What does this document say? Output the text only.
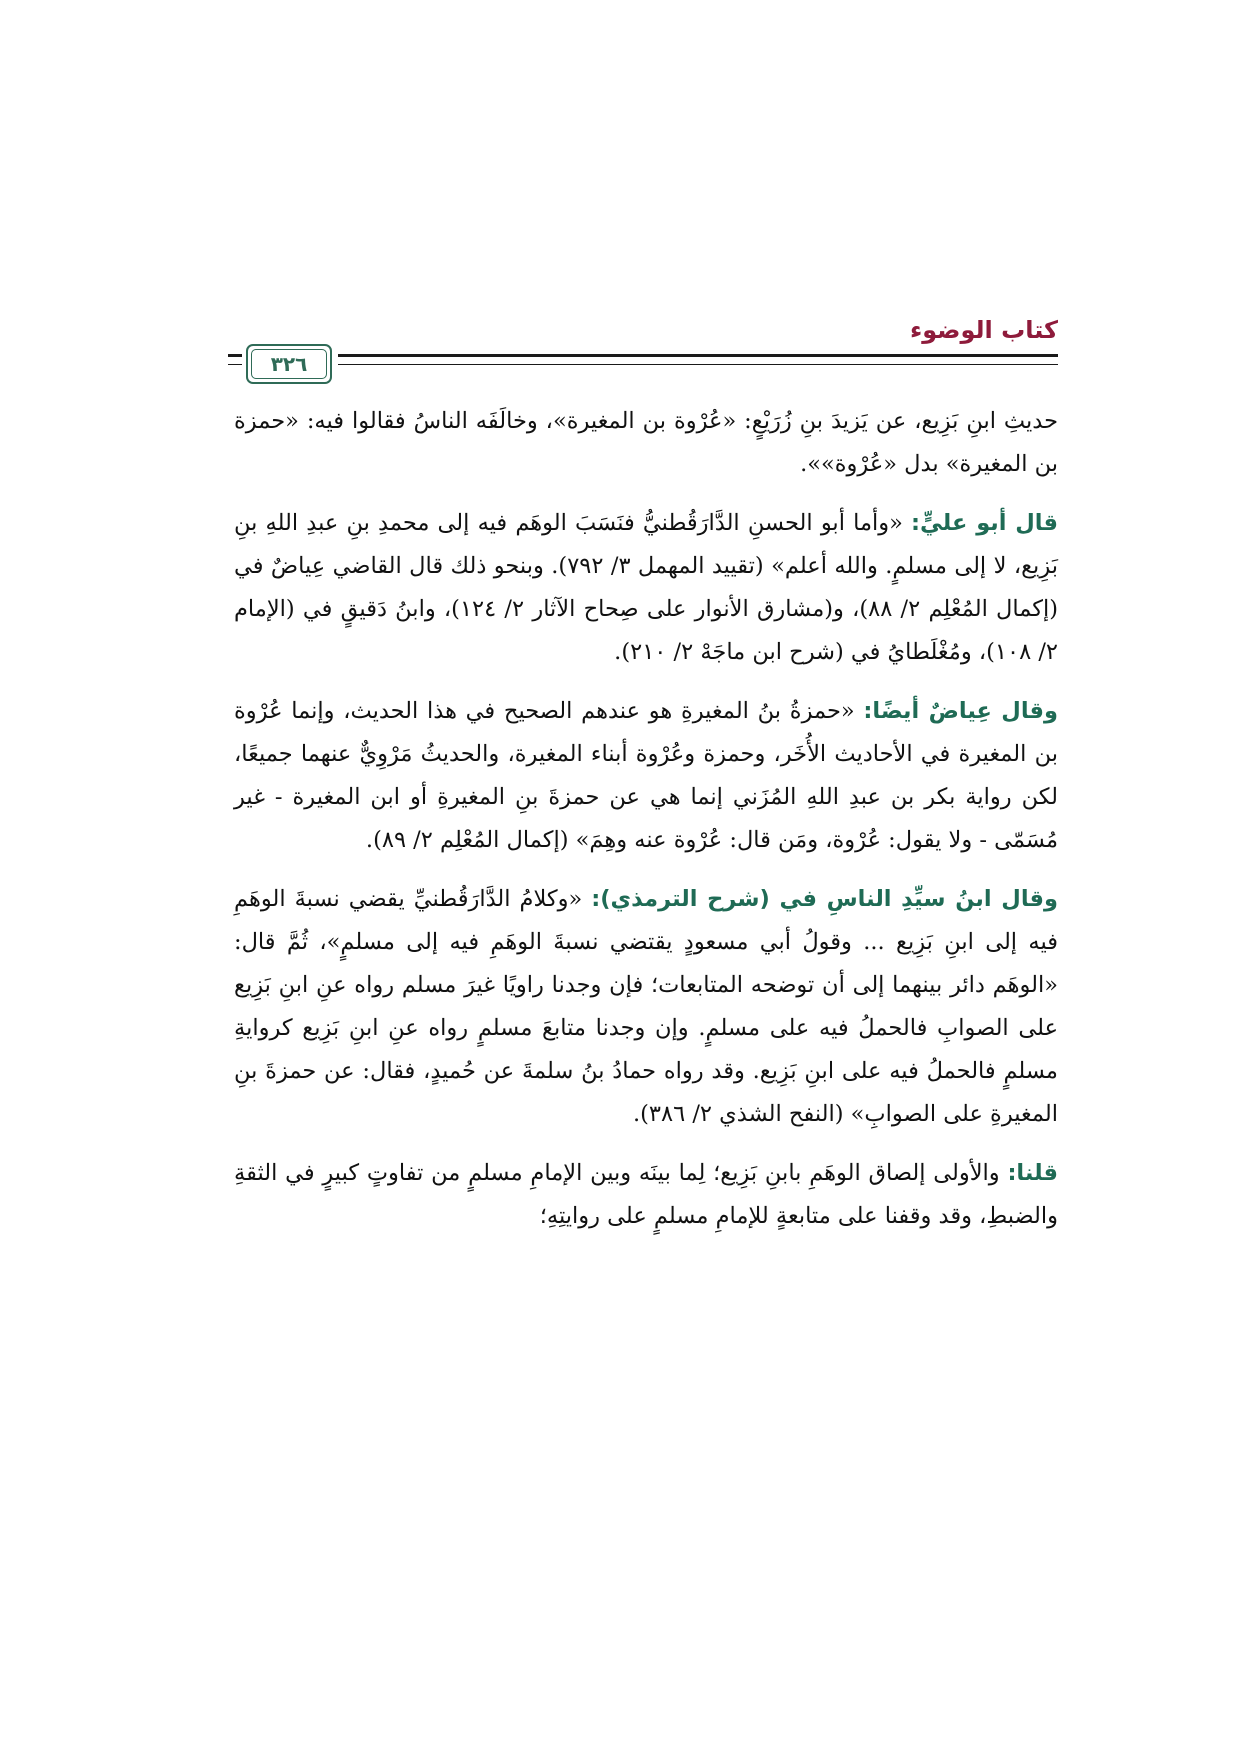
كتاب الوضوء
٣٢٦

حديثِ ابنِ بَزِيع، عن يَزيدَ بنِ زُرَيْعٍ: «عُرْوة بن المغيرة»، وخالَفَه الناسُ فقالوا فيه: «حمزة بن المغيرة» بدل «عُرْوة»».

قال أبو عليٍّ: «وأما أبو الحسنِ الدَّارَقُطنيُّ فنَسَبَ الوهَم فيه إلى محمدِ بنِ عبدِ اللهِ بنِ بَزِيع، لا إلى مسلمٍ. والله أعلم» (تقييد المهمل ٣/ ٧٩٢). وبنحو ذلك قال القاضي عِياضٌ في (إكمال المُعْلِم ٢/ ٨٨)، و(مشارق الأنوار على صِحاح الآثار ٢/ ١٢٤)، وابنُ دَقيقٍ في (الإمام ٢/ ١٠٨)، ومُغْلَطايُ في (شرح ابن ماجَهْ ٢/ ٢١٠).

وقال عِياضٌ أيضًا: «حمزةُ بنُ المغيرةِ هو عندهم الصحيح في هذا الحديث، وإنما عُرْوة بن المغيرة في الأحاديث الأُخَر، وحمزة وعُرْوة أبناء المغيرة، والحديثُ مَرْوِيٌّ عنهما جميعًا، لكن رواية بكر بن عبدِ اللهِ المُزَني إنما هي عن حمزةَ بنِ المغيرةِ أو ابن المغيرة - غير مُسَمّى - ولا يقول: عُرْوة، ومَن قال: عُرْوة عنه وهِمَ» (إكمال المُعْلِم ٢/ ٨٩).

وقال ابنُ سيِّدِ الناسِ في (شرح الترمذي): «وكلامُ الدَّارَقُطنيِّ يقضي نسبةَ الوهَمِ فيه إلى ابنِ بَزِيع ... وقولُ أبي مسعودٍ يقتضي نسبةَ الوهَمِ فيه إلى مسلمٍ»، ثُمَّ قال: «الوهَم دائر بينهما إلى أن توضحه المتابعات؛ فإن وجدنا راويًا غيرَ مسلم رواه عنِ ابنِ بَزِيع على الصوابِ فالحملُ فيه على مسلمٍ. وإن وجدنا متابعَ مسلمٍ رواه عنِ ابنِ بَزِيع كروايةِ مسلمٍ فالحملُ فيه على ابنِ بَزِيع. وقد رواه حمادُ بنُ سلمةَ عن حُميدٍ، فقال: عن حمزةَ بنِ المغيرةِ على الصوابِ» (النفح الشذي ٢/ ٣٨٦).

قلنا: والأولى إلصاق الوهَمِ بابنِ بَزِيع؛ لِما بينَه وبين الإمامِ مسلمٍ من تفاوتٍ كبيرٍ في الثقةِ والضبطِ، وقد وقفنا على متابعةٍ للإمامِ مسلمٍ على روايتِهِ؛
